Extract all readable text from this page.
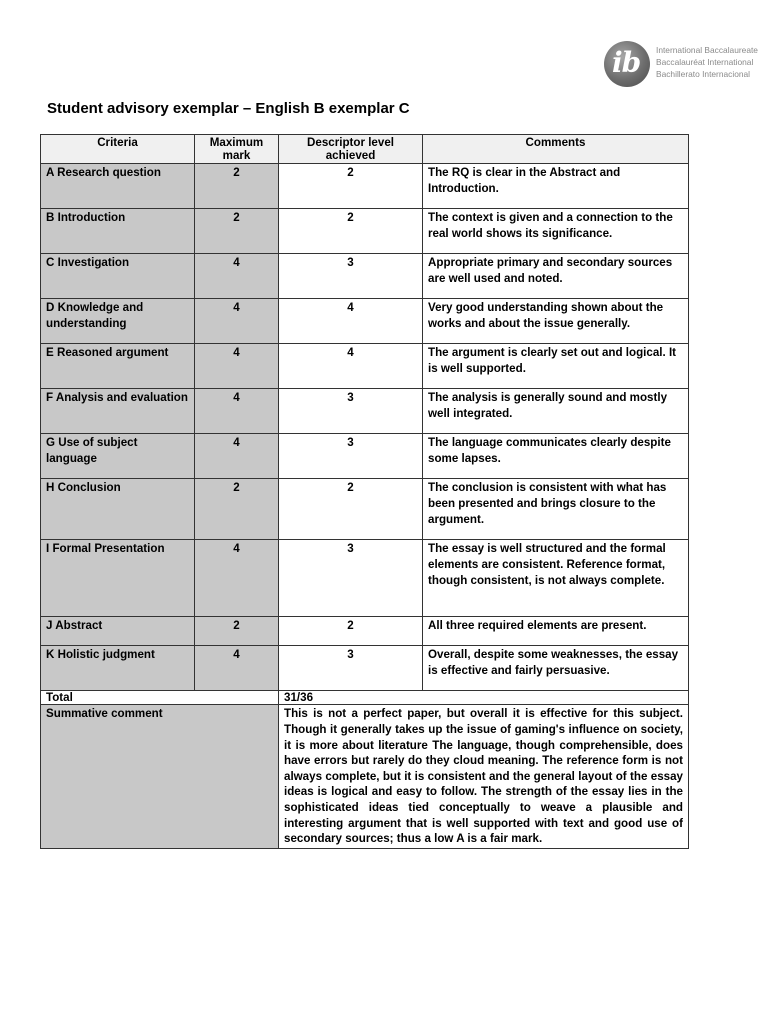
ib International Baccalaureate
Baccalauréat International
Bachillerato Internacional
Student advisory exemplar – English B exemplar C
Criteria	Maximum mark	Descriptor level achieved	Comments
A Research question	2	2	The RQ is clear in the Abstract and Introduction.
B Introduction	2	2	The context is given and a connection to the real world shows its significance.
C Investigation	4	3	Appropriate primary and secondary sources are well used and noted.
D Knowledge and understanding	4	4	Very good understanding shown about the works and about the issue generally.
E Reasoned argument	4	4	The argument is clearly set out and logical. It is well supported.
F Analysis and evaluation	4	3	The analysis is generally sound and mostly well integrated.
G Use of subject language	4	3	The language communicates clearly despite some lapses.
H Conclusion	2	2	The conclusion is consistent with what has been presented and brings closure to the argument.
I Formal Presentation	4	3	The essay is well structured and the formal elements are consistent. Reference format, though consistent, is not always complete.
J Abstract	2	2	All three required elements are present.
K Holistic judgment	4	3	Overall, despite some weaknesses, the essay is effective and fairly persuasive.
Total		31/36	
Summative comment		This is not a perfect paper, but overall it is effective for this subject. Though it generally takes up the issue of gaming's influence on society, it is more about literature The language, though comprehensible, does have errors but rarely do they cloud meaning. The reference form is not always complete, but it is consistent and the general layout of the essay ideas is logical and easy to follow. The strength of the essay lies in the sophisticated ideas tied conceptually to weave a plausible and interesting argument that is well supported with text and good use of secondary sources; thus a low A is a fair mark.	
